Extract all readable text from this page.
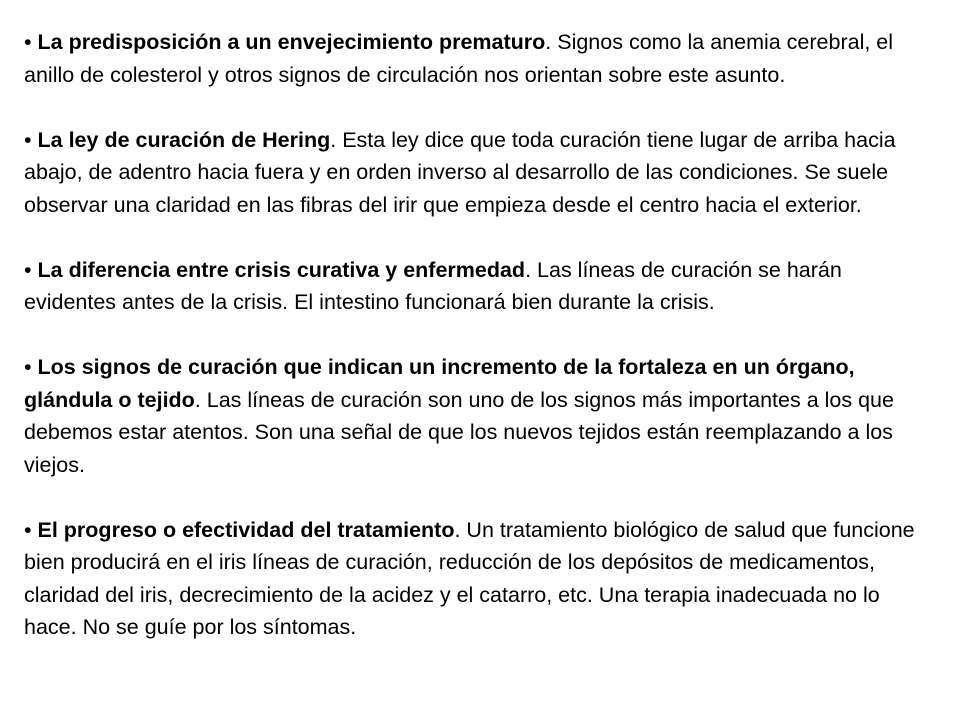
• La predisposición a un envejecimiento prematuro. Signos como la anemia cerebral, el anillo de colesterol y otros signos de circulación nos orientan sobre este asunto.

• La ley de curación de Hering. Esta ley dice que toda curación tiene lugar de arriba hacia abajo, de adentro hacia fuera y en orden inverso al desarrollo de las condiciones. Se suele observar una claridad en las fibras del irir que empieza desde el centro hacia el exterior.

• La diferencia entre crisis curativa y enfermedad. Las líneas de curación se harán evidentes antes de la crisis. El intestino funcionará bien durante la crisis.

• Los signos de curación que indican un incremento de la fortaleza en un órgano, glándula o tejido. Las líneas de curación son uno de los signos más importantes a los que debemos estar atentos. Son una señal de que los nuevos tejidos están reemplazando a los viejos.

• El progreso o efectividad del tratamiento. Un tratamiento biológico de salud que funcione bien producirá en el iris líneas de curación, reducción de los depósitos de medicamentos, claridad del iris, decrecimiento de la acidez y el catarro, etc. Una terapia inadecuada no lo hace. No se guíe por los síntomas.
